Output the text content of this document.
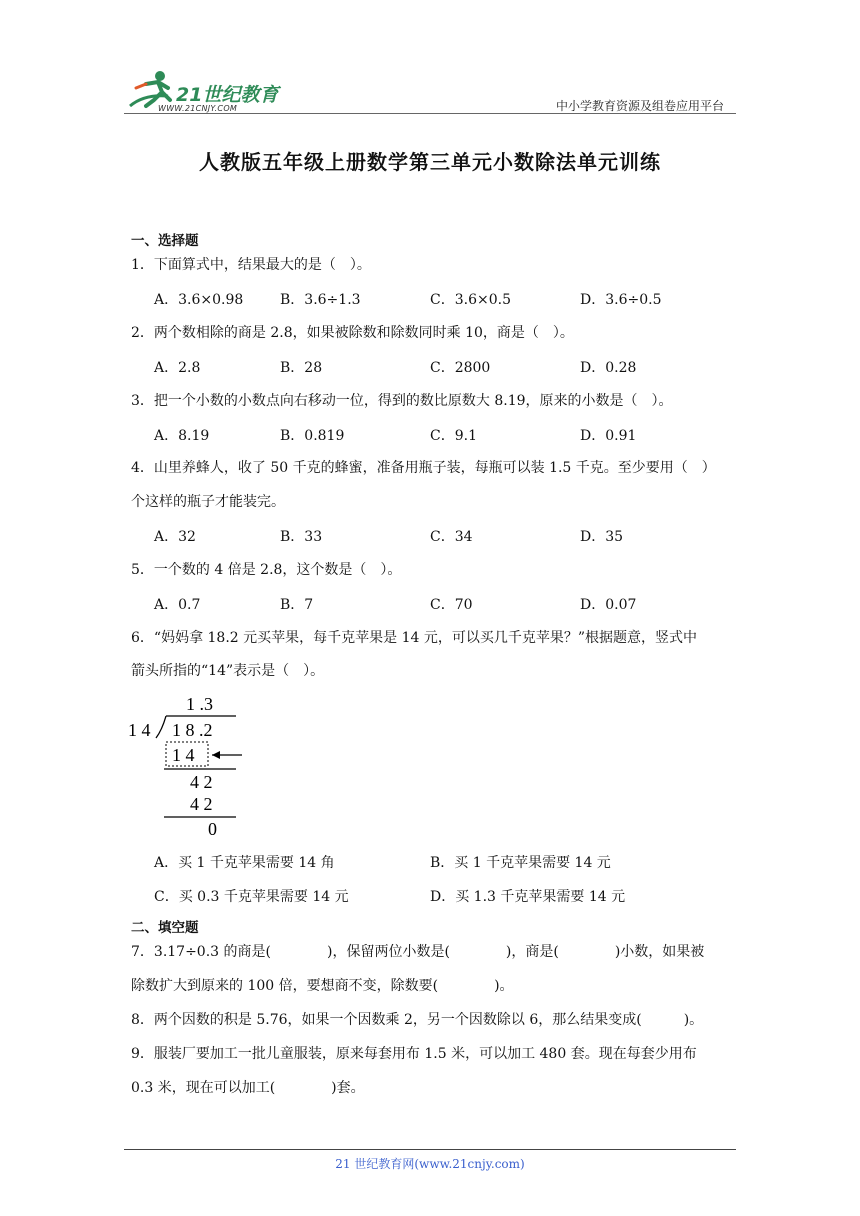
21世纪教育
WWW.21CNJY.COM	中小学教育资源及组卷应用平台
人教版五年级上册数学第三单元小数除法单元训练
一、选择题
1．下面算式中，结果最大的是（　）。
A．3.6×0.98	B．3.6÷1.3	C．3.6×0.5	D．3.6÷0.5
2．两个数相除的商是 2.8，如果被除数和除数同时乘 10，商是（　）。
A．2.8	B．28	C．2800	D．0.28
3．把一个小数的小数点向右移动一位，得到的数比原数大 8.19，原来的小数是（　）。
A．8.19	B．0.819	C．9.1	D．0.91
4．山里养蜂人，收了 50 千克的蜂蜜，准备用瓶子装，每瓶可以装 1.5 千克。至少要用（　）
个这样的瓶子才能装完。
A．32	B．33	C．34	D．35
5．一个数的 4 倍是 2.8，这个数是（　）。
A．0.7	B．7	C．70	D．0.07
6．“妈妈拿 18.2 元买苹果，每千克苹果是 14 元，可以买几千克苹果？”根据题意，竖式中
箭头所指的“14”表示是（　）。
1 .3
1 4 1 8 .2
1 4
4 2
4 2
0
A．买 1 千克苹果需要 14 角	B．买 1 千克苹果需要 14 元
C．买 0.3 千克苹果需要 14 元	D．买 1.3 千克苹果需要 14 元
二、填空题
7．3.17÷0.3 的商是(　　　　)，保留两位小数是(　　　　)，商是(　　　　)小数，如果被
除数扩大到原来的 100 倍，要想商不变，除数要(　　　　)。
8．两个因数的积是 5.76，如果一个因数乘 2，另一个因数除以 6，那么结果变成(　　　)。
9．服装厂要加工一批儿童服装，原来每套用布 1.5 米，可以加工 480 套。现在每套少用布
0.3 米，现在可以加工(　　　　)套。
21 世纪教育网(www.21cnjy.com)
